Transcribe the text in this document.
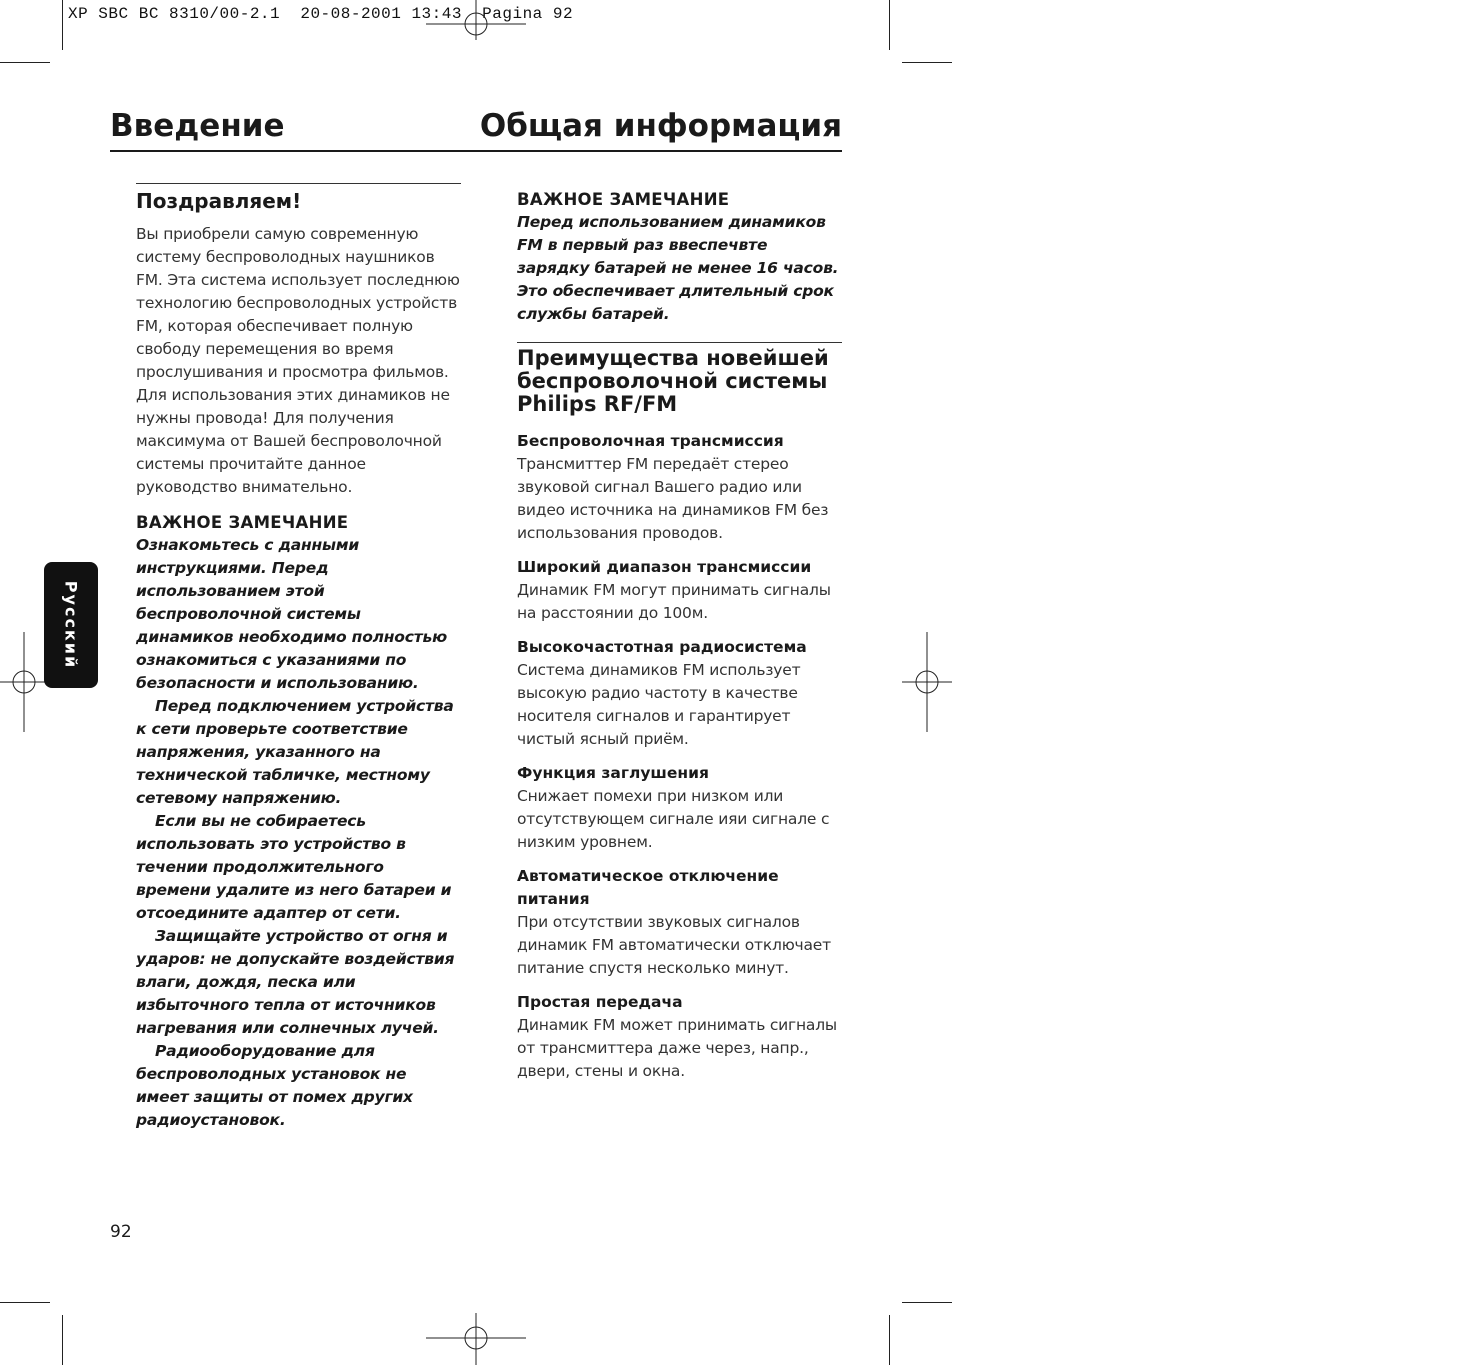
XP SBC BC 8310/00-2.1  20-08-2001 13:43  Pagina 92
Введение	Общая информация
Поздравляем!

Вы приобрели самую современную систему беспроволодных наушников FM. Эта система использует последнюю технологию беспроволодных устройств FM, которая обеспечивает полную свободу перемещения во время прослушивания и просмотра фильмов. Для использования этих динамиков не нужны провода! Для получения максимума от Вашей беспроволочной системы прочитайте данное руководство внимательно.

ВАЖНОЕ ЗАМЕЧАНИЕ

Ознакомьтесь с данными инструкциями. Перед использованием этой беспроволочной системы динамиков необходимо полностью ознакомиться с указаниями по безопасности и использованию.

Перед подключением устройства к сети проверьте соответствие напряжения, указанного на технической табличке, местному сетевому напряжению.

Если вы не собираетесь использовать это устройство в течении продолжительного времени удалите из него батареи и отсоедините адаптер от сети.

Защищайте устройство от огня и ударов: не допускайте воздействия влаги, дождя, песка или избыточного тепла от источников нагревания или солнечных лучей.

Радиооборудование для беспроволодных установок не имеет защиты от помех других радиоустановок.

ВАЖНОЕ ЗАМЕЧАНИЕ

Перед использованием динамиков FM в первый раз ввеспечвте зарядку батарей не менее 16 часов. Это обеспечивает длительный срок службы батарей.

Преимущества новейшей беспроволочной системы Philips RF/FM
Беспроволочная трансмиссия

Трансмиттер FM передаёт стерео звуковой сигнал Вашего радио или видео источника на динамиков FM без использования проводов.

Широкий диапазон трансмиссии

Динамик FM могут принимать сигналы на расстоянии до 100м.

Высокочастотная радиосистема

Система динамиков FM использует высокую радио частоту в качестве носителя сигналов и гарантирует чистый ясный приём.

Функция заглушения

Снижает помехи при низком или отсутствующем сигнале ияи сигнале с низким уровнем.

Автоматическое отключение питания

При отсутствии звуковых сигналов динамик FM автоматически отключает питание спустя несколько минут.

Простая передача

Динамик FM может принимать сигналы от трансмиттера даже через, напр., двери, стены и окна.

Русский
92
